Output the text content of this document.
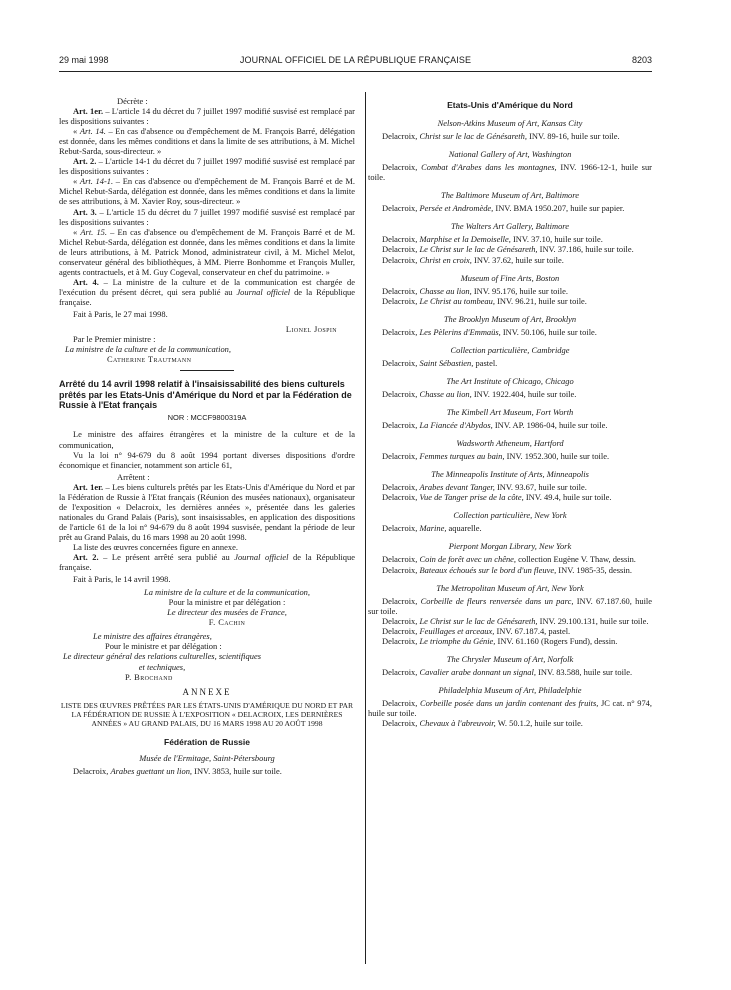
29 mai 1998	JOURNAL OFFICIEL DE LA RÉPUBLIQUE FRANÇAISE	8203

Décrète :

Art. 1er. – L'article 14 du décret du 7 juillet 1997 modifié susvisé est remplacé par les dispositions suivantes :

« Art. 14. – En cas d'absence ou d'empêchement de M. François Barré, délégation est donnée, dans les mêmes conditions et dans la limite de ses attributions, à M. Michel Rebut-Sarda, sous-directeur. »

Art. 2. – L'article 14-1 du décret du 7 juillet 1997 modifié susvisé est remplacé par les dispositions suivantes :

« Art. 14-1. – En cas d'absence ou d'empêchement de M. François Barré et de M. Michel Rebut-Sarda, délégation est donnée, dans les mêmes conditions et dans la limite de ses attributions, à M. Xavier Roy, sous-directeur. »

Art. 3. – L'article 15 du décret du 7 juillet 1997 modifié susvisé est remplacé par les dispositions suivantes :

« Art. 15. – En cas d'absence ou d'empêchement de M. François Barré et de M. Michel Rebut-Sarda, délégation est donnée, dans les mêmes conditions et dans la limite de leurs attributions, à M. Patrick Monod, administrateur civil, à M. Michel Melot, conservateur général des bibliothèques, à MM. Pierre Bonhomme et François Muller, agents contractuels, et à M. Guy Cogeval, conservateur en chef du patrimoine. »

Art. 4. – La ministre de la culture et de la communication est chargée de l'exécution du présent décret, qui sera publié au Journal officiel de la République française.

Fait à Paris, le 27 mai 1998.

Lionel Jospin

Par le Premier ministre :

La ministre de la culture et de la communication,
Catherine Trautmann
Arrêté du 14 avril 1998 relatif à l'insaisissabilité des biens culturels prêtés par les Etats-Unis d'Amérique du Nord et par la Fédération de Russie à l'Etat français
NOR : MCCF9800319A

Le ministre des affaires étrangères et la ministre de la culture et de la communication,

Vu la loi n° 94-679 du 8 août 1994 portant diverses dispositions d'ordre économique et financier, notamment son article 61,

Arrêtent :

Art. 1er. – Les biens culturels prêtés par les Etats-Unis d'Amérique du Nord et par la Fédération de Russie à l'Etat français (Réunion des musées nationaux), organisateur de l'exposition « Delacroix, les dernières années », présentée dans les galeries nationales du Grand Palais (Paris), sont insaisissables, en application des dispositions de l'article 61 de la loi n° 94-679 du 8 août 1994 susvisée, pendant la période de leur prêt au Grand Palais, du 16 mars 1998 au 20 août 1998.

La liste des œuvres concernées figure en annexe.

Art. 2. – Le présent arrêté sera publié au Journal officiel de la République française.

Fait à Paris, le 14 avril 1998.

La ministre de la culture et de la communication,
Pour la ministre et par délégation :
Le directeur des musées de France,
F. Cachin
Le ministre des affaires étrangères,
Pour le ministre et par délégation :
Le directeur général des relations culturelles, scientifiques et techniques,
P. Brochand
ANNEXE
LISTE DES ŒUVRES PRÊTÉES PAR LES ÉTATS-UNIS D'AMÉRIQUE DU NORD ET PAR LA FÉDÉRATION DE RUSSIE À L'EXPOSITION « DELACROIX, LES DERNIÈRES ANNÉES » AU GRAND PALAIS, DU 16 MARS 1998 AU 20 AOÛT 1998
Fédération de Russie
Musée de l'Ermitage, Saint-Pétersbourg

Delacroix, Arabes guettant un lion, INV. 3853, huile sur toile.

Etats-Unis d'Amérique du Nord
Nelson-Atkins Museum of Art, Kansas City

Delacroix, Christ sur le lac de Génésareth, INV. 89-16, huile sur toile.

National Gallery of Art, Washington

Delacroix, Combat d'Arabes dans les montagnes, INV. 1966-12-1, huile sur toile.

The Baltimore Museum of Art, Baltimore

Delacroix, Persée et Andromède, INV. BMA 1950.207, huile sur papier.

The Walters Art Gallery, Baltimore

Delacroix, Marphise et la Demoiselle, INV. 37.10, huile sur toile.

Delacroix, Le Christ sur le lac de Génésareth, INV. 37.186, huile sur toile.

Delacroix, Christ en croix, INV. 37.62, huile sur toile.

Museum of Fine Arts, Boston

Delacroix, Chasse au lion, INV. 95.176, huile sur toile.

Delacroix, Le Christ au tombeau, INV. 96.21, huile sur toile.

The Brooklyn Museum of Art, Brooklyn

Delacroix, Les Pèlerins d'Emmaüs, INV. 50.106, huile sur toile.

Collection particulière, Cambridge

Delacroix, Saint Sébastien, pastel.

The Art Institute of Chicago, Chicago

Delacroix, Chasse au lion, INV. 1922.404, huile sur toile.

The Kimbell Art Museum, Fort Worth

Delacroix, La Fiancée d'Abydos, INV. AP. 1986-04, huile sur toile.

Wadsworth Atheneum, Hartford

Delacroix, Femmes turques au bain, INV. 1952.300, huile sur toile.

The Minneapolis Institute of Arts, Minneapolis

Delacroix, Arabes devant Tanger, INV. 93.67, huile sur toile.

Delacroix, Vue de Tanger prise de la côte, INV. 49.4, huile sur toile.

Collection particulière, New York

Delacroix, Marine, aquarelle.

Pierpont Morgan Library, New York

Delacroix, Coin de forêt avec un chêne, collection Eugène V. Thaw, dessin.

Delacroix, Bateaux échoués sur le bord d'un fleuve, INV. 1985-35, dessin.

The Metropolitan Museum of Art, New York

Delacroix, Corbeille de fleurs renversée dans un parc, INV. 67.187.60, huile sur toile.

Delacroix, Le Christ sur le lac de Génésareth, INV. 29.100.131, huile sur toile.

Delacroix, Feuillages et arceaux, INV. 67.187.4, pastel.

Delacroix, Le triomphe du Génie, INV. 61.160 (Rogers Fund), dessin.

The Chrysler Museum of Art, Norfolk

Delacroix, Cavalier arabe donnant un signal, INV. 83.588, huile sur toile.

Philadelphia Museum of Art, Philadelphie

Delacroix, Corbeille posée dans un jardin contenant des fruits, JC cat. n° 974, huile sur toile.

Delacroix, Chevaux à l'abreuvoir, W. 50.1.2, huile sur toile.
